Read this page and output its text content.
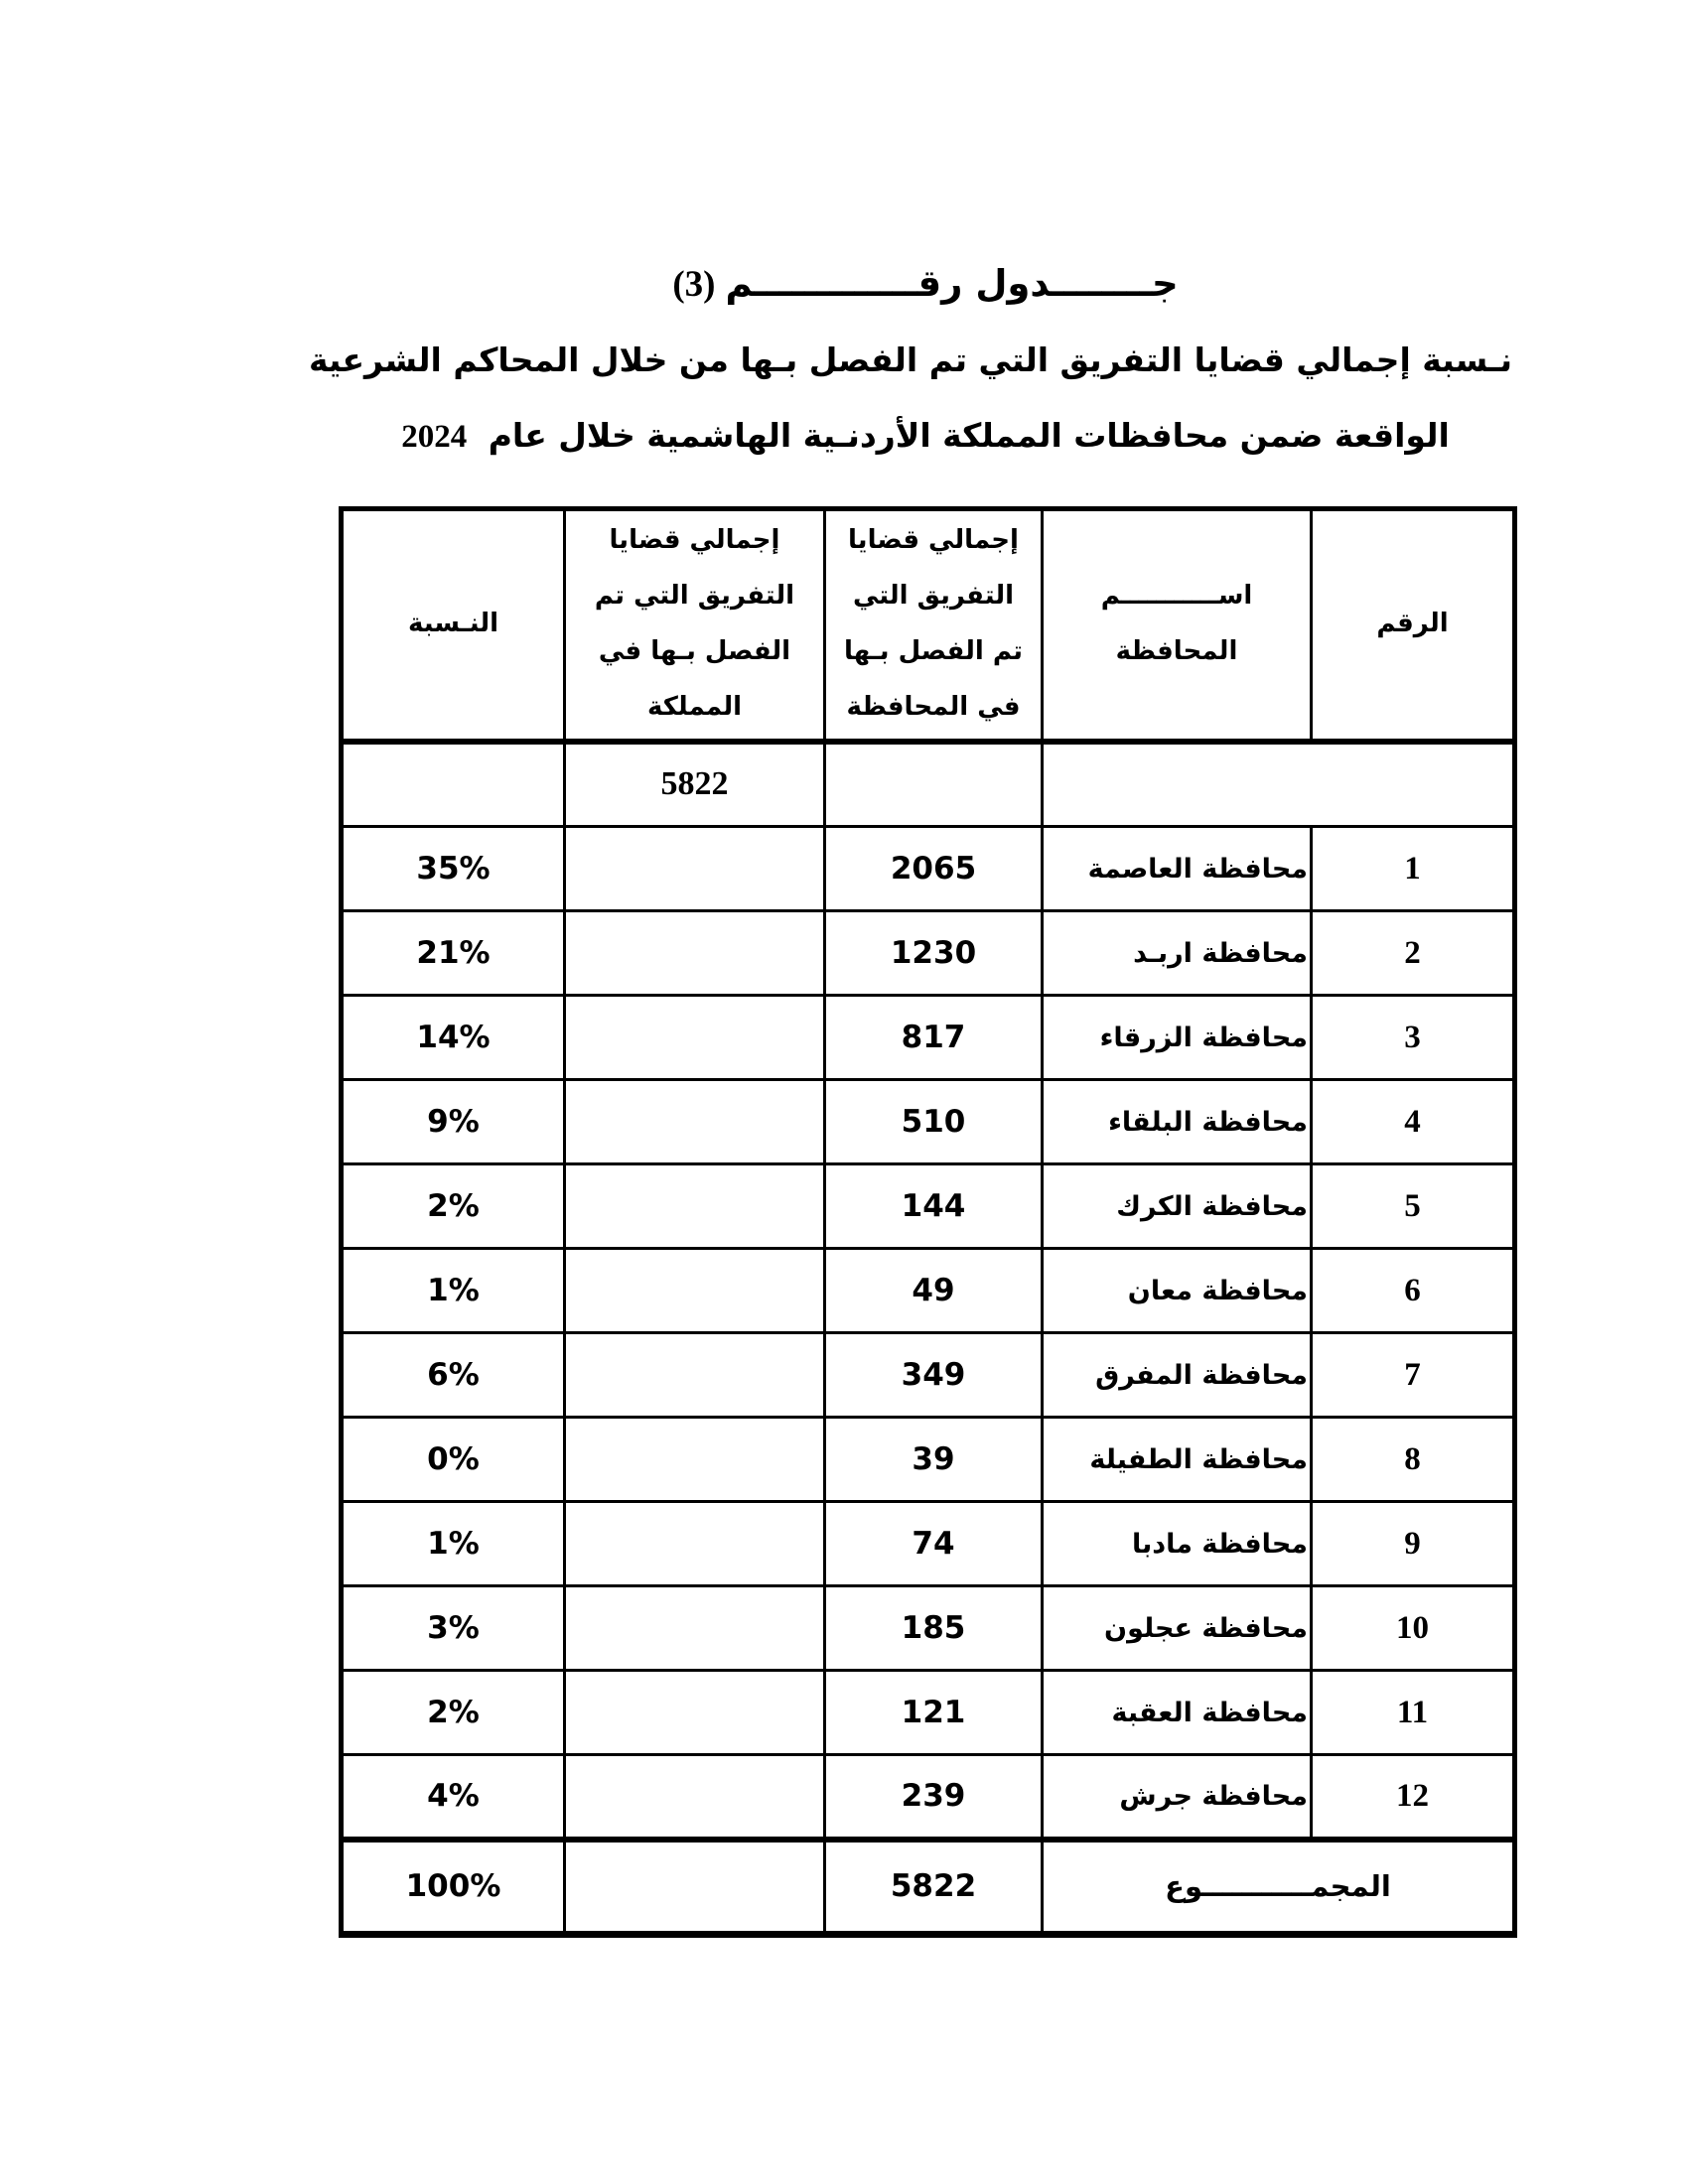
جــــــــدول رقـــــــــــــم(3)
نـسبة إجمالي قضايا التفريق التي تم الفصل بـها من خلال المحاكم الشرعية
الواقعة ضمن محافظات المملكة الأردنـية الهاشمية خلال عام 2024
الرقم	اســـــــــــم المحافظة	إجمالي قضايا التفريق التي تم الفصل بـها في المحافظة	إجمالي قضايا التفريق التي تم الفصل بـها في المملكة	النـسبة
			5822	
1	محافظة العاصمة	2065		35%
2	محافظة اربـد	1230		21%
3	محافظة الزرقاء	817		14%
4	محافظة البلقاء	510		9%
5	محافظة الكرك	144		2%
6	محافظة معان	49		1%
7	محافظة المفرق	349		6%
8	محافظة الطفيلة	39		0%
9	محافظة مادبا	74		1%
10	محافظة عجلون	185		3%
11	محافظة العقبة	121		2%
12	محافظة جرش	239		4%
المجمـــــــــــوع		5822		100%
